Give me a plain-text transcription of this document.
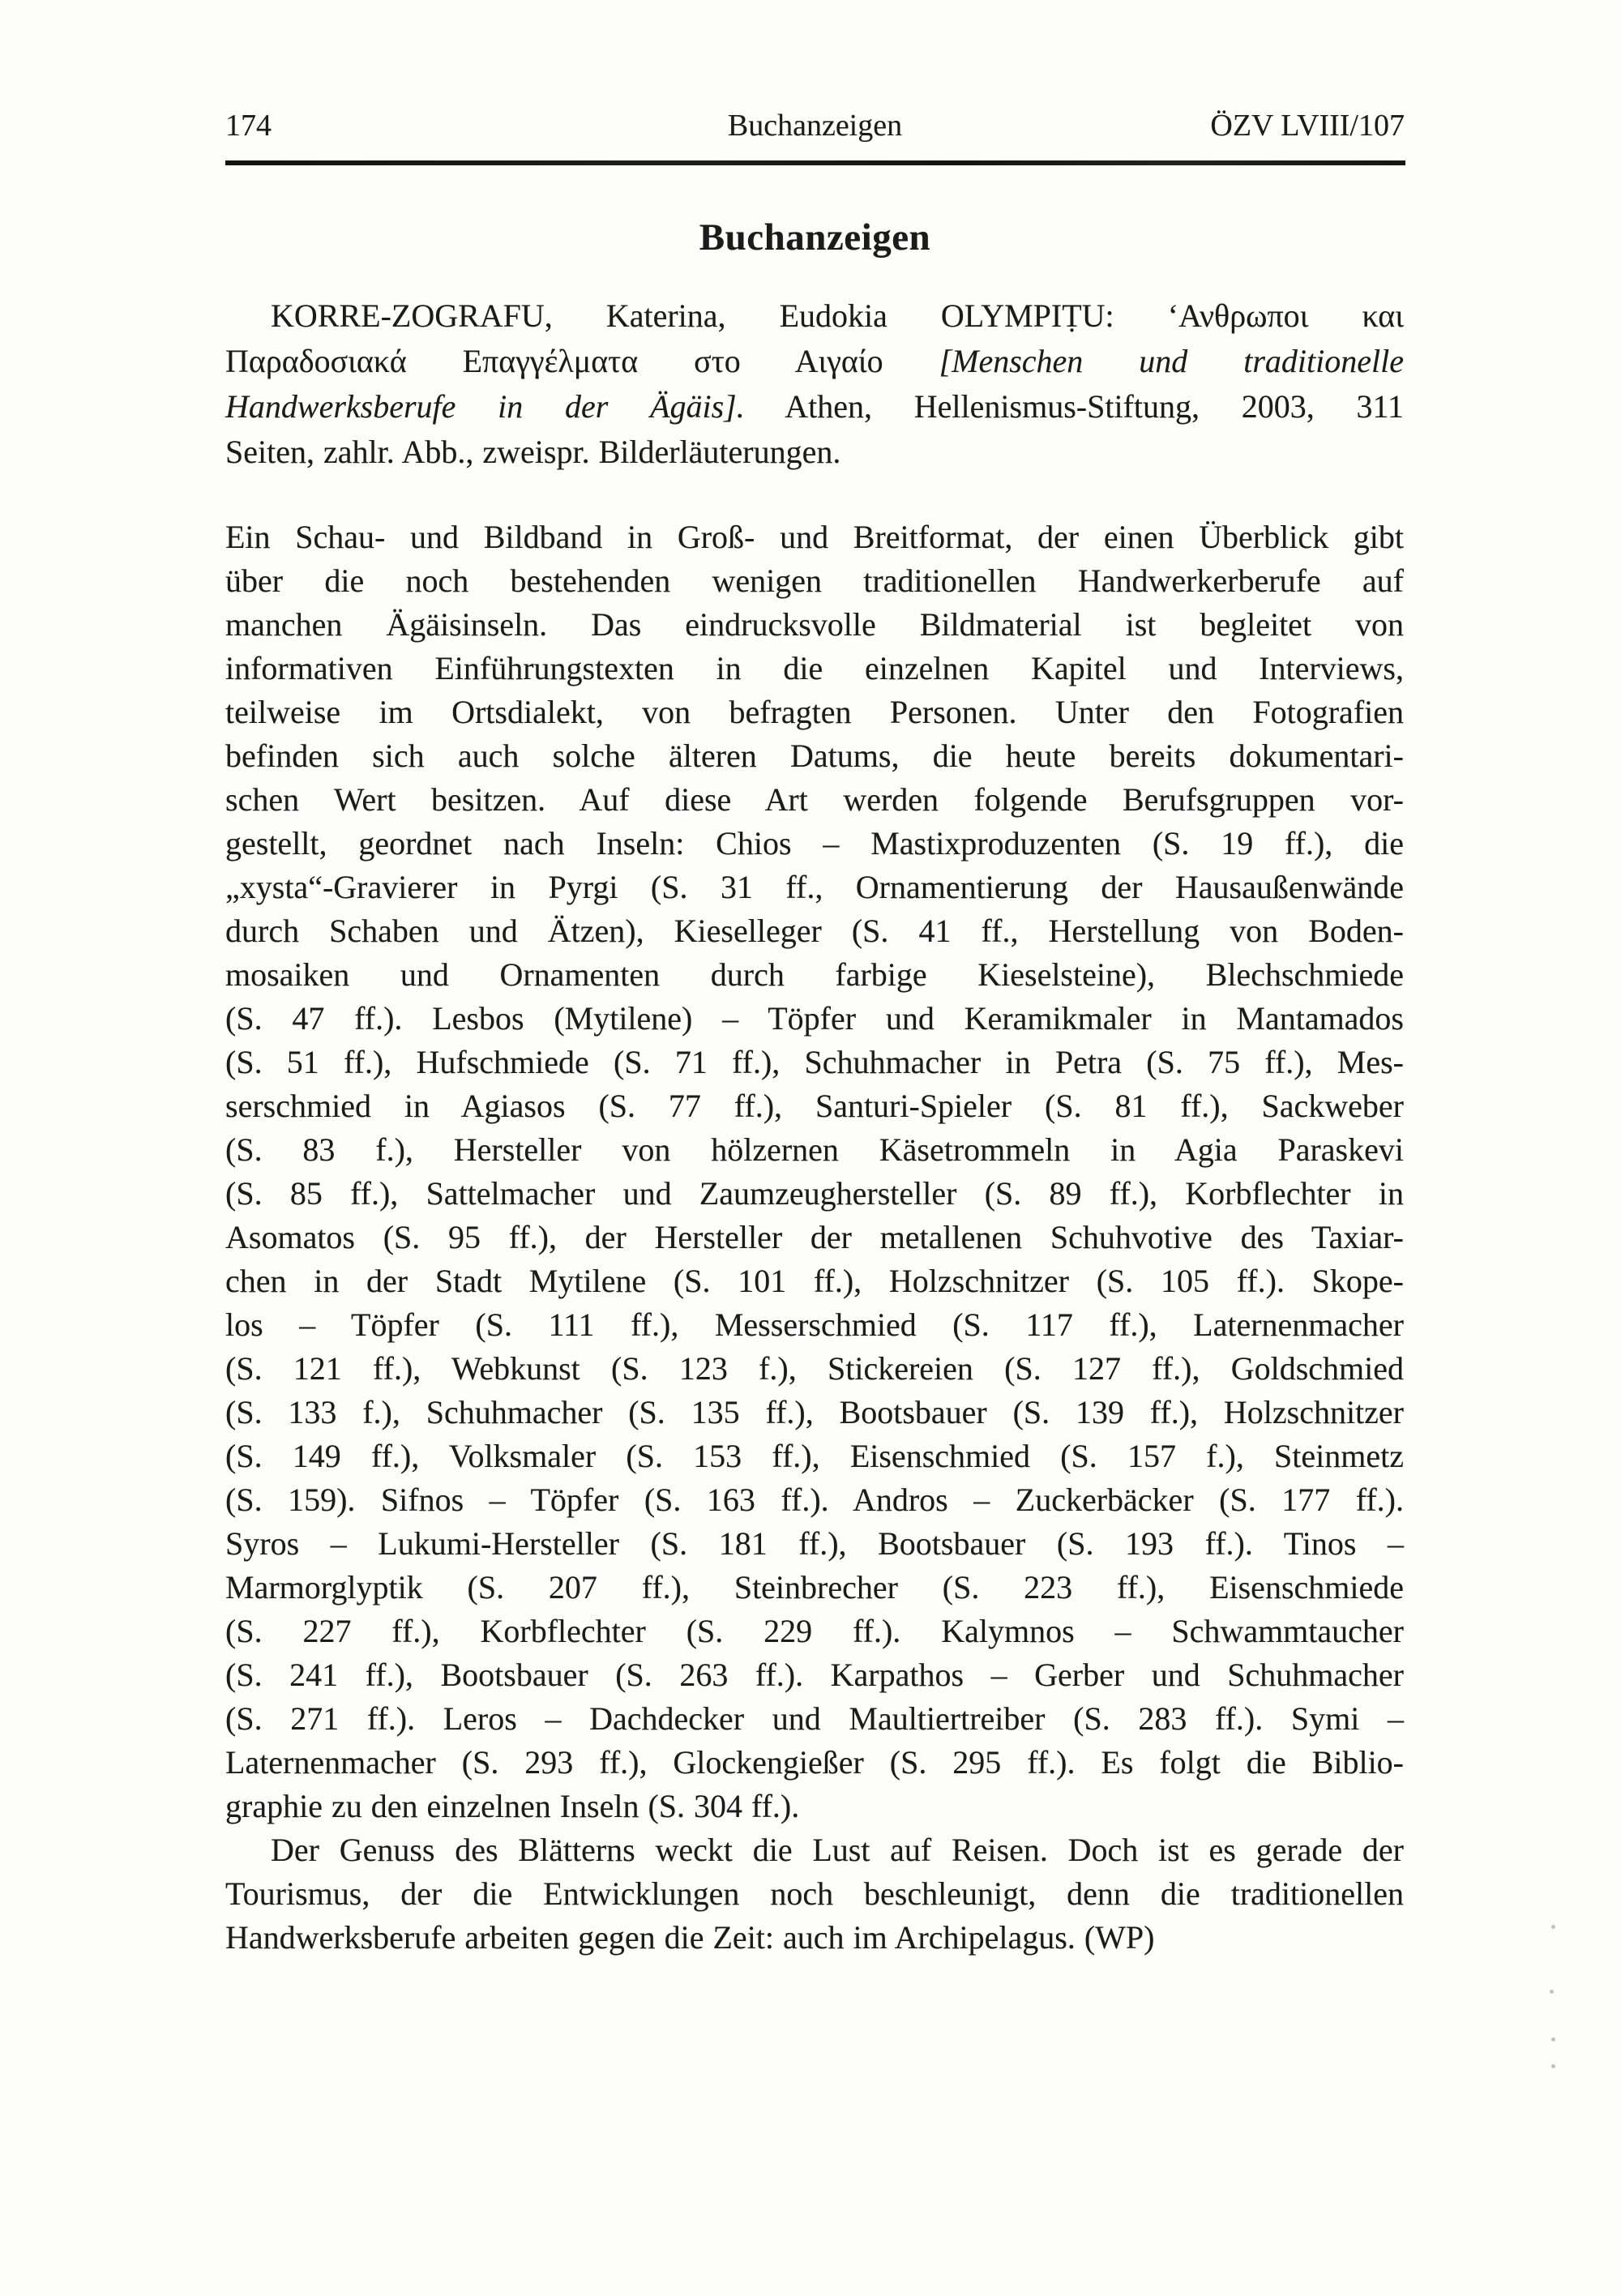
174	Buchanzeigen	ÖZV LVIII/107
Buchanzeigen
KORRE-ZOGRAFU, Katerina, Eudokia OLYMPIṬU: ‘Ανθρωποι και
Παραδοσιακά Επαγγέλματα στο Αιγαίο [Menschen und traditionelle
Handwerksberufe in der Ägäis]. Athen, Hellenismus-Stiftung, 2003, 311
Seiten, zahlr. Abb., zweispr. Bilderläuterungen.
Ein Schau- und Bildband in Groß- und Breitformat, der einen Überblick gibt
über die noch bestehenden wenigen traditionellen Handwerkerberufe auf
manchen Ägäisinseln. Das eindrucksvolle Bildmaterial ist begleitet von
informativen Einführungstexten in die einzelnen Kapitel und Interviews,
teilweise im Ortsdialekt, von befragten Personen. Unter den Fotografien
befinden sich auch solche älteren Datums, die heute bereits dokumentari-
schen Wert besitzen. Auf diese Art werden folgende Berufsgruppen vor-
gestellt, geordnet nach Inseln: Chios – Mastixproduzenten (S. 19 ff.), die
„xysta“-Gravierer in Pyrgi (S. 31 ff., Ornamentierung der Hausaußenwände
durch Schaben und Ätzen), Kieselleger (S. 41 ff., Herstellung von Boden-
mosaiken und Ornamenten durch farbige Kieselsteine), Blechschmiede
(S. 47 ff.). Lesbos (Mytilene) – Töpfer und Keramikmaler in Mantamados
(S. 51 ff.), Hufschmiede (S. 71 ff.), Schuhmacher in Petra (S. 75 ff.), Mes-
serschmied in Agiasos (S. 77 ff.), Santuri-Spieler (S. 81 ff.), Sackweber
(S. 83 f.), Hersteller von hölzernen Käsetrommeln in Agia Paraskevi
(S. 85 ff.), Sattelmacher und Zaumzeughersteller (S. 89 ff.), Korbflechter in
Asomatos (S. 95 ff.), der Hersteller der metallenen Schuhvotive des Taxiar-
chen in der Stadt Mytilene (S. 101 ff.), Holzschnitzer (S. 105 ff.). Skope-
los – Töpfer (S. 111 ff.), Messerschmied (S. 117 ff.), Laternenmacher
(S. 121 ff.), Webkunst (S. 123 f.), Stickereien (S. 127 ff.), Goldschmied
(S. 133 f.), Schuhmacher (S. 135 ff.), Bootsbauer (S. 139 ff.), Holzschnitzer
(S. 149 ff.), Volksmaler (S. 153 ff.), Eisenschmied (S. 157 f.), Steinmetz
(S. 159). Sifnos – Töpfer (S. 163 ff.). Andros – Zuckerbäcker (S. 177 ff.).
Syros – Lukumi-Hersteller (S. 181 ff.), Bootsbauer (S. 193 ff.). Tinos –
Marmorglyptik (S. 207 ff.), Steinbrecher (S. 223 ff.), Eisenschmiede
(S. 227 ff.), Korbflechter (S. 229 ff.). Kalymnos – Schwammtaucher
(S. 241 ff.), Bootsbauer (S. 263 ff.). Karpathos – Gerber und Schuhmacher
(S. 271 ff.). Leros – Dachdecker und Maultiertreiber (S. 283 ff.). Symi –
Laternenmacher (S. 293 ff.), Glockengießer (S. 295 ff.). Es folgt die Biblio-
graphie zu den einzelnen Inseln (S. 304 ff.).
Der Genuss des Blätterns weckt die Lust auf Reisen. Doch ist es gerade der
Tourismus, der die Entwicklungen noch beschleunigt, denn die traditionellen
Handwerksberufe arbeiten gegen die Zeit: auch im Archipelagus. (WP)
